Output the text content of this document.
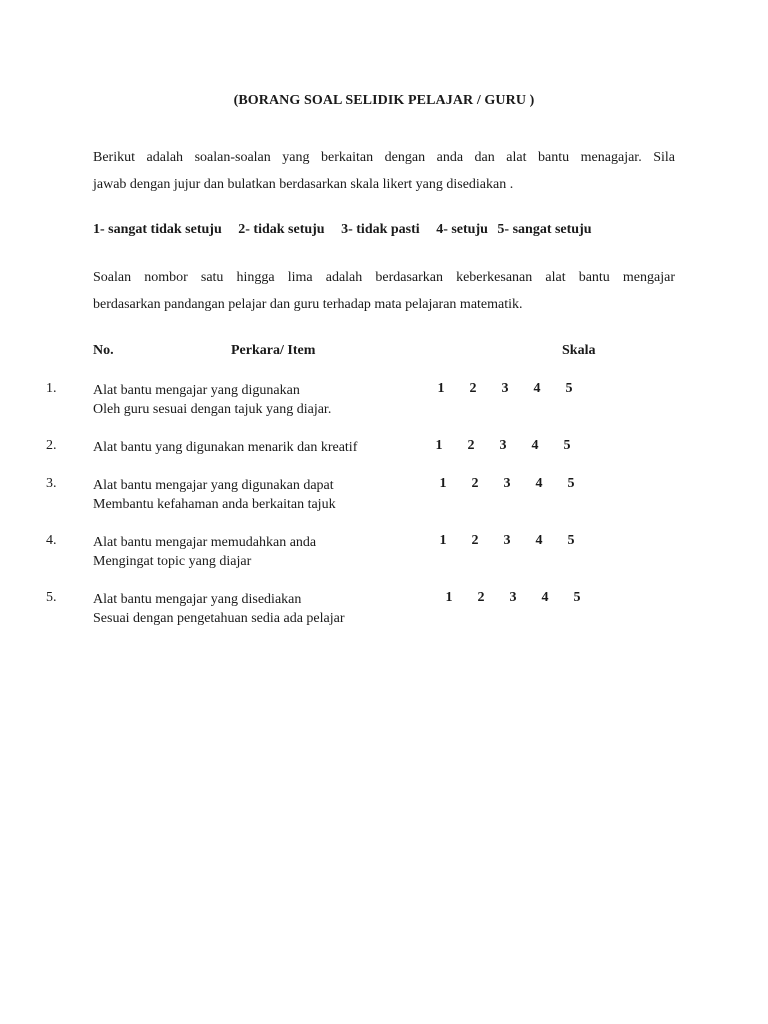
(BORANG SOAL SELIDIK PELAJAR / GURU )
Berikut adalah soalan-soalan yang berkaitan dengan anda dan alat bantu menagajar. Sila
jawab dengan jujur dan bulatkan berdasarkan skala likert yang disediakan .
1- sangat tidak setuju 2- tidak setuju 3- tidak pasti 4- setuju 5- sangat setuju
Soalan nombor satu hingga lima adalah berdasarkan keberkesanan alat bantu mengajar
berdasarkan pandangan pelajar dan guru terhadap mata pelajaran matematik.
No.	Perkara/ Item	Skala
1.	Alat bantu mengajar yang digunakan
Oleh guru sesuai dengan tajuk yang diajar.
1 2 3 4 5
2.	Alat bantu yang digunakan menarik dan kreatif	1 2 3 4 5
3.	Alat bantu mengajar yang digunakan dapat
Membantu kefahaman anda berkaitan tajuk
1 2 3 4 5
4.	Alat bantu mengajar memudahkan anda
Mengingat topic yang diajar
1 2 3 4 5
5.	Alat bantu mengajar yang disediakan
Sesuai dengan pengetahuan sedia ada pelajar
1 2 3 4 5
